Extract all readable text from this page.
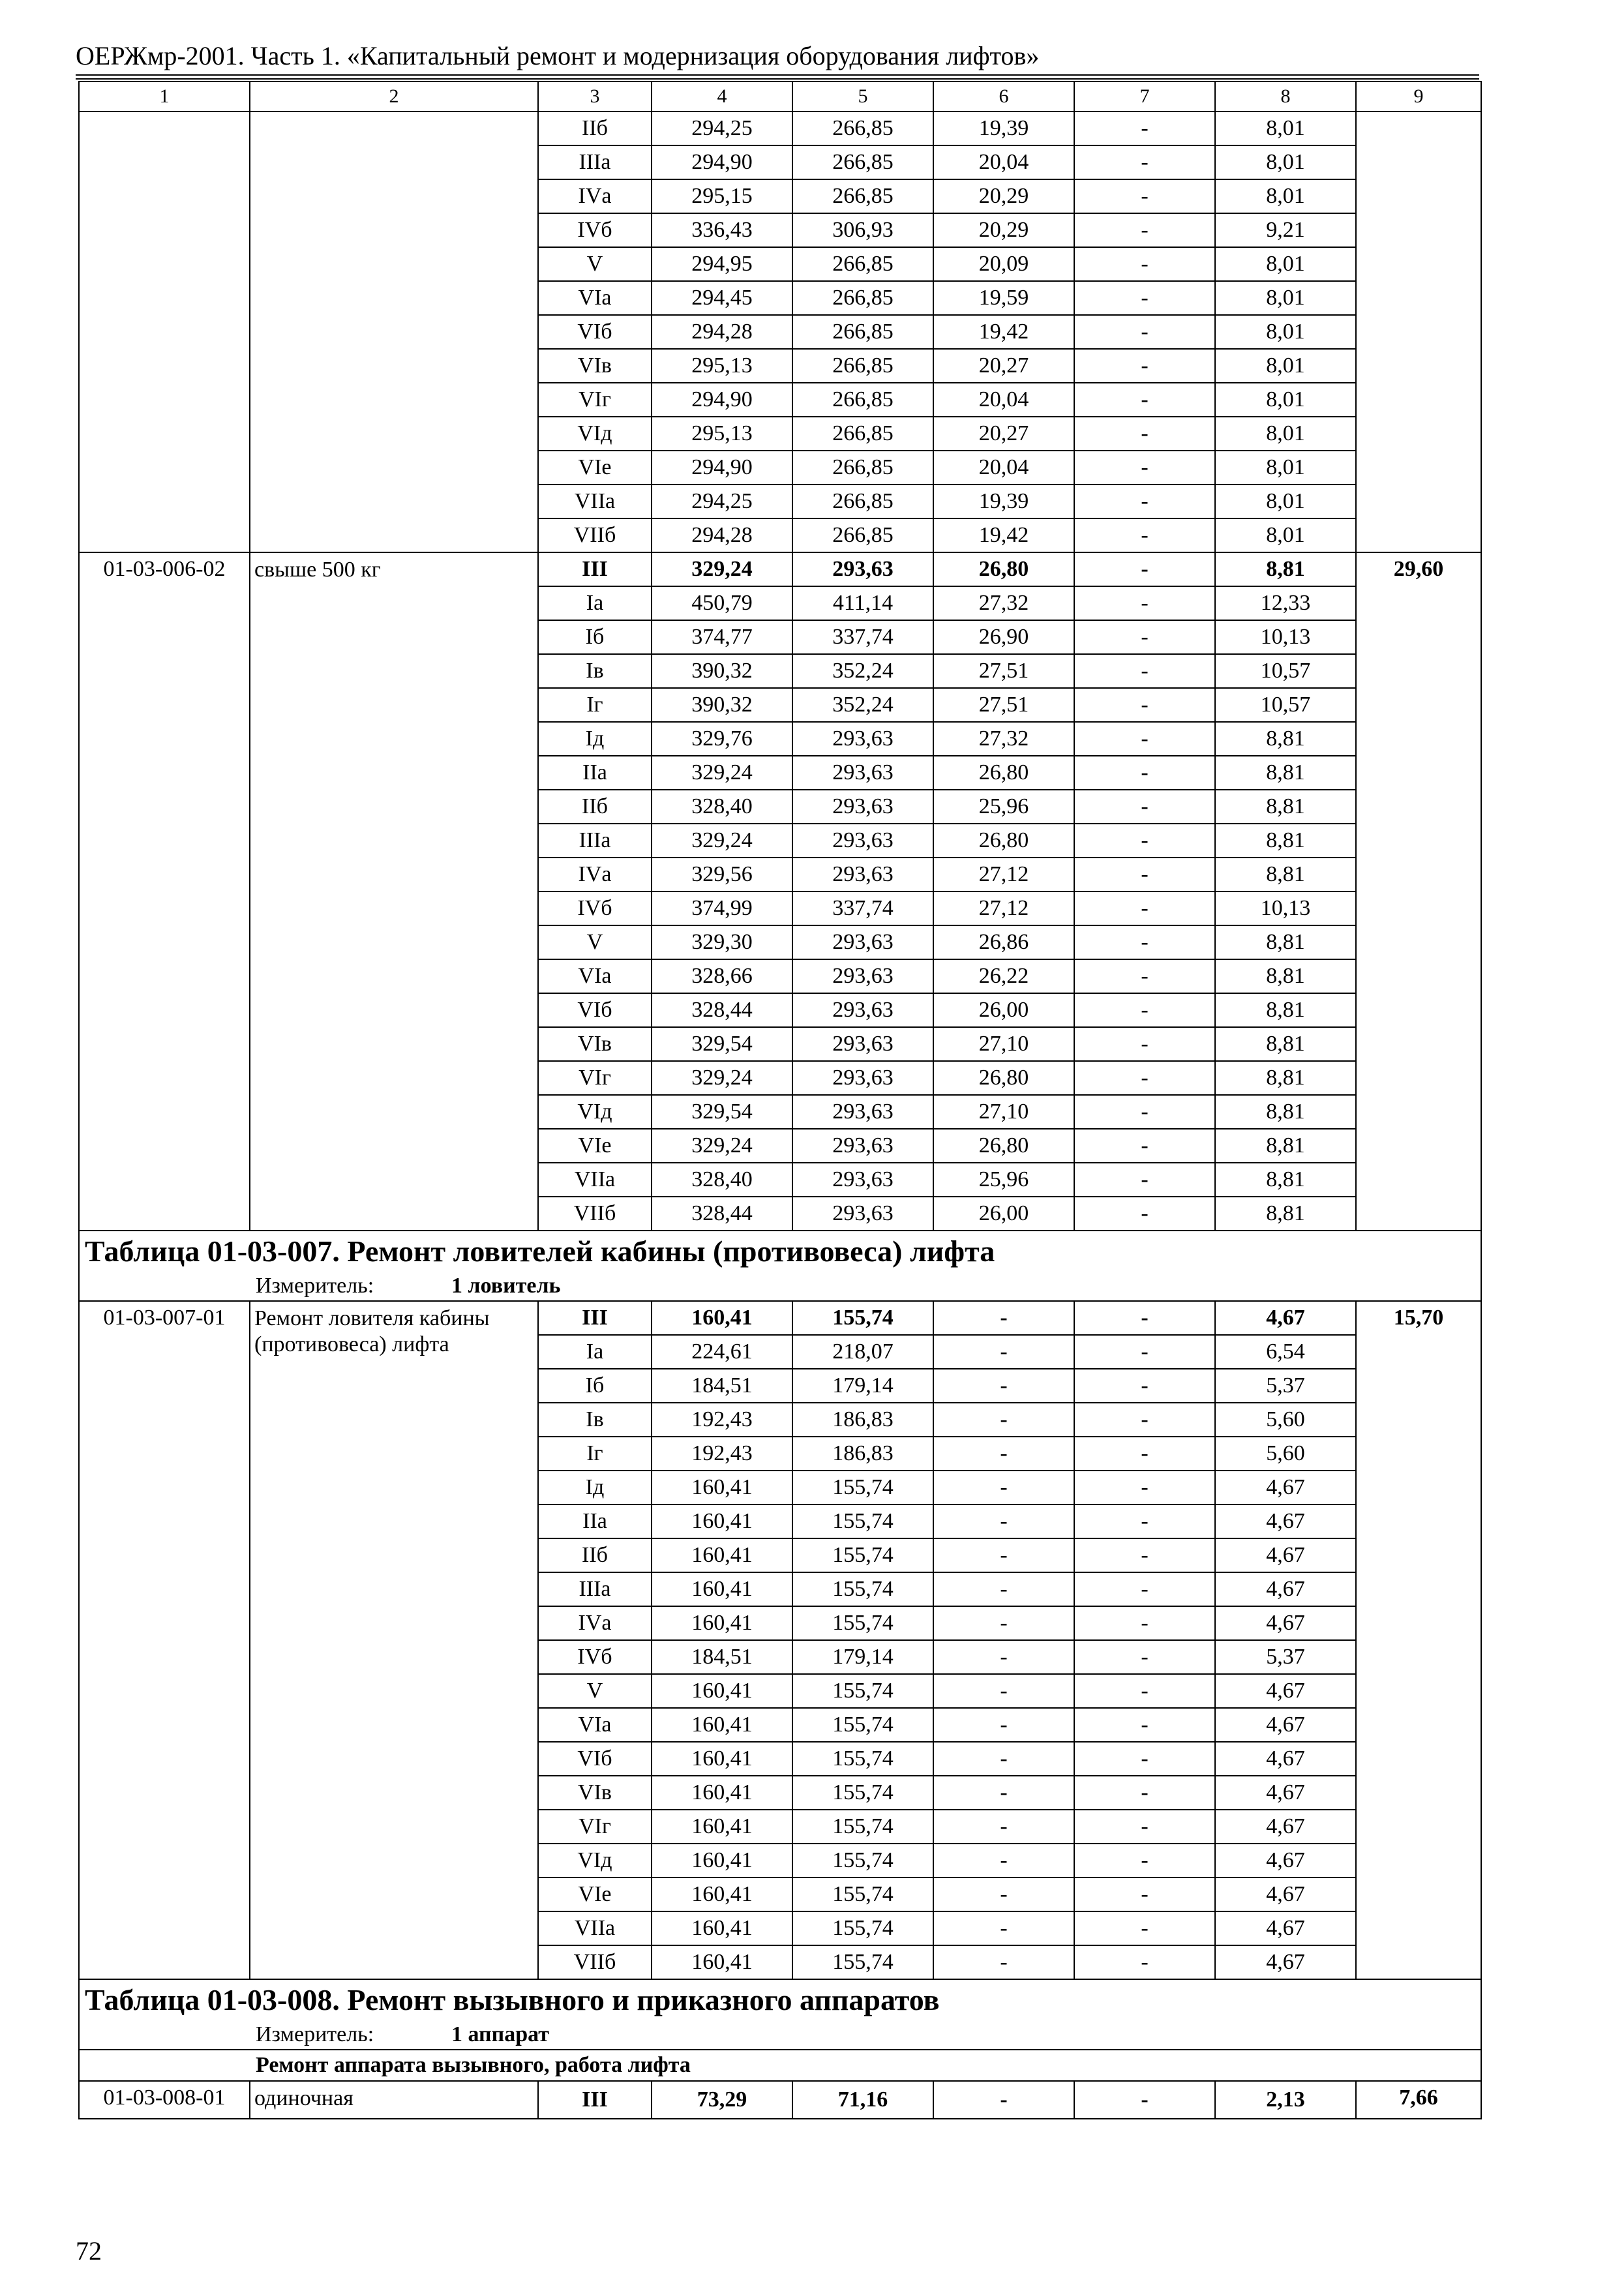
ОЕРЖмр-2001. Часть 1. «Капитальный ремонт и модернизация оборудования лифтов»
1	2	3	4	5	6	7	8	9
		IIб	294,25	266,85	19,39	-	8,01	
		IIIа	294,90	266,85	20,04	-	8,01	
		IVа	295,15	266,85	20,29	-	8,01	
		IVб	336,43	306,93	20,29	-	9,21	
		V	294,95	266,85	20,09	-	8,01	
		VIа	294,45	266,85	19,59	-	8,01	
		VIб	294,28	266,85	19,42	-	8,01	
		VIв	295,13	266,85	20,27	-	8,01	
		VIг	294,90	266,85	20,04	-	8,01	
		VIд	295,13	266,85	20,27	-	8,01	
		VIе	294,90	266,85	20,04	-	8,01	
		VIIа	294,25	266,85	19,39	-	8,01	
		VIIб	294,28	266,85	19,42	-	8,01	
01-03-006-02	свыше 500 кг	III	329,24	293,63	26,80	-	8,81	29,60
		Iа	450,79	411,14	27,32	-	12,33	
		Iб	374,77	337,74	26,90	-	10,13	
		Iв	390,32	352,24	27,51	-	10,57	
		Iг	390,32	352,24	27,51	-	10,57	
		Iд	329,76	293,63	27,32	-	8,81	
		IIа	329,24	293,63	26,80	-	8,81	
		IIб	328,40	293,63	25,96	-	8,81	
		IIIа	329,24	293,63	26,80	-	8,81	
		IVа	329,56	293,63	27,12	-	8,81	
		IVб	374,99	337,74	27,12	-	10,13	
		V	329,30	293,63	26,86	-	8,81	
		VIа	328,66	293,63	26,22	-	8,81	
		VIб	328,44	293,63	26,00	-	8,81	
		VIв	329,54	293,63	27,10	-	8,81	
		VIг	329,24	293,63	26,80	-	8,81	
		VIд	329,54	293,63	27,10	-	8,81	
		VIе	329,24	293,63	26,80	-	8,81	
		VIIа	328,40	293,63	25,96	-	8,81	
		VIIб	328,44	293,63	26,00	-	8,81	
Таблица 01-03-007. Ремонт ловителей кабины (противовеса) лифта								
Измеритель: 1 ловитель								
01-03-007-01	Ремонт ловителя кабины (противовеса) лифта	III	160,41	155,74	-	-	4,67	15,70
		Iа	224,61	218,07	-	-	6,54	
		Iб	184,51	179,14	-	-	5,37	
		Iв	192,43	186,83	-	-	5,60	
		Iг	192,43	186,83	-	-	5,60	
		Iд	160,41	155,74	-	-	4,67	
		IIа	160,41	155,74	-	-	4,67	
		IIб	160,41	155,74	-	-	4,67	
		IIIа	160,41	155,74	-	-	4,67	
		IVа	160,41	155,74	-	-	4,67	
		IVб	184,51	179,14	-	-	5,37	
		V	160,41	155,74	-	-	4,67	
		VIа	160,41	155,74	-	-	4,67	
		VIб	160,41	155,74	-	-	4,67	
		VIв	160,41	155,74	-	-	4,67	
		VIг	160,41	155,74	-	-	4,67	
		VIд	160,41	155,74	-	-	4,67	
		VIе	160,41	155,74	-	-	4,67	
		VIIа	160,41	155,74	-	-	4,67	
		VIIб	160,41	155,74	-	-	4,67	
Таблица 01-03-008. Ремонт вызывного и приказного аппаратов								
Измеритель: 1 аппарат								
Ремонт аппарата вызывного, работа лифта								
01-03-008-01	одиночная	III	73,29	71,16	-	-	2,13	7,66
72
